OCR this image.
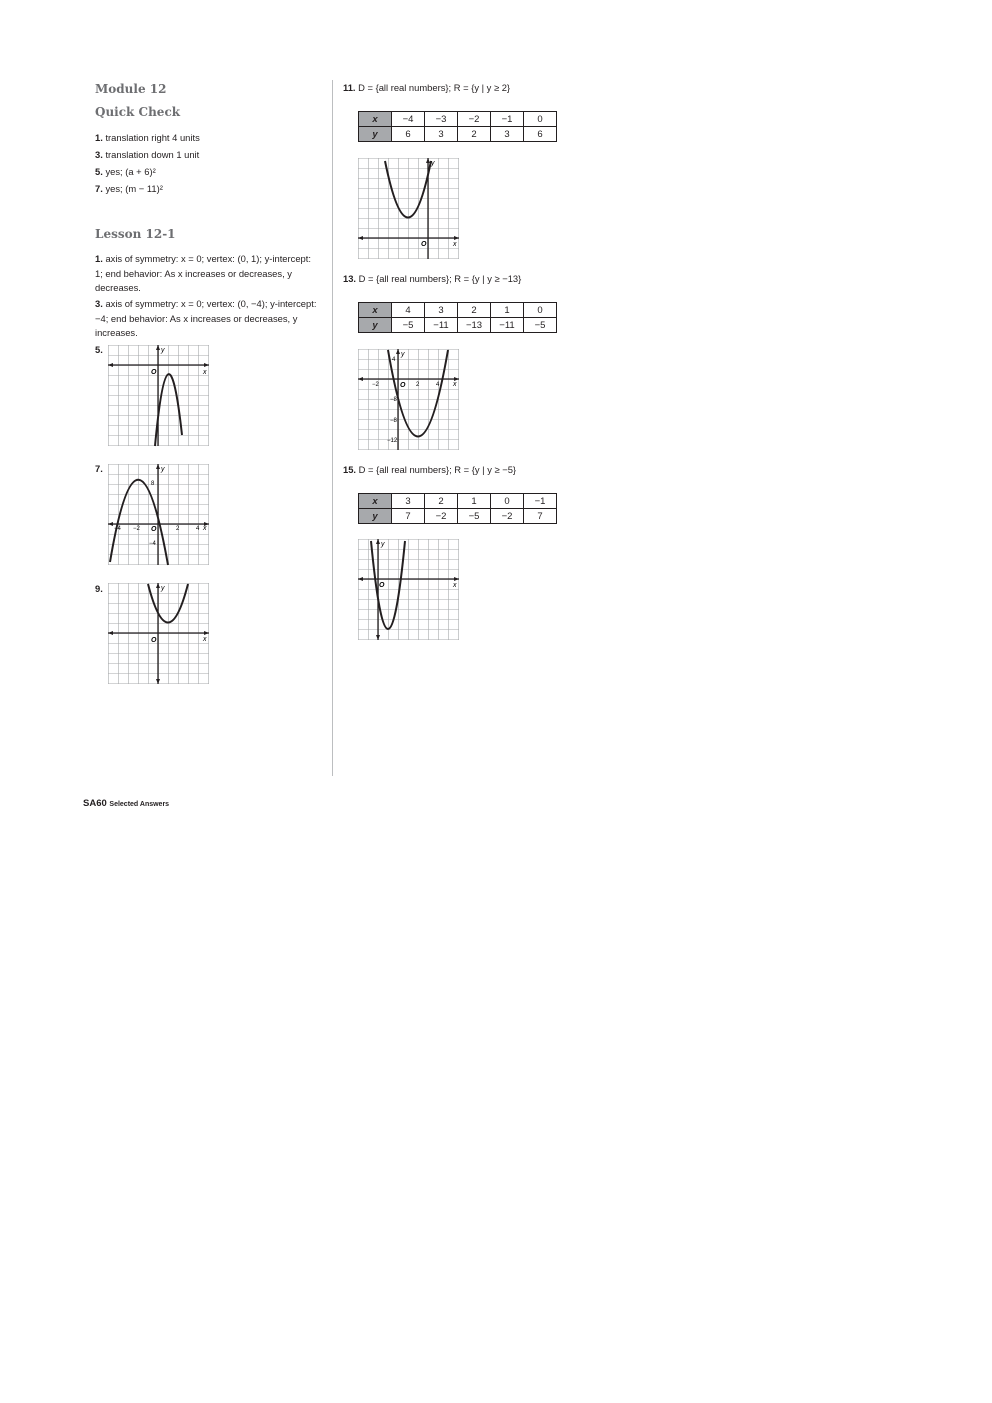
Module 12
Quick Check
1. translation right 4 units
3. translation down 1 unit
5. yes; (a + 6)²
7. yes; (m − 11)²
Lesson 12-1
1. axis of symmetry: x = 0; vertex: (0, 1); y-intercept: 1; end behavior: As x increases or decreases, y decreases.
3. axis of symmetry: x = 0; vertex: (0, −4); y-intercept: −4; end behavior: As x increases or decreases, y increases.
5.
7.
9.
O
y
x
y
8
−4 −2 O	2	4 x
−4
y
O	x
11. D = {all real numbers}; R = {y | y ≥ 2}
x	−4	−3	−2	−1	0
y	6	3	2	3	6
y
O	x
13. D = {all real numbers}; R = {y | y ≥ −13}
x	4	3	2	1	0
y	−5	−11	−13	−11	−5
y
4
−2	O 2	4 x
−8
−8
−12
15. D = {all real numbers}; R = {y | y ≥ −5}
x	3	2	1	0	−1
y	7	−2	−5	−2	7
y
O	x
SA60 Selected Answers
